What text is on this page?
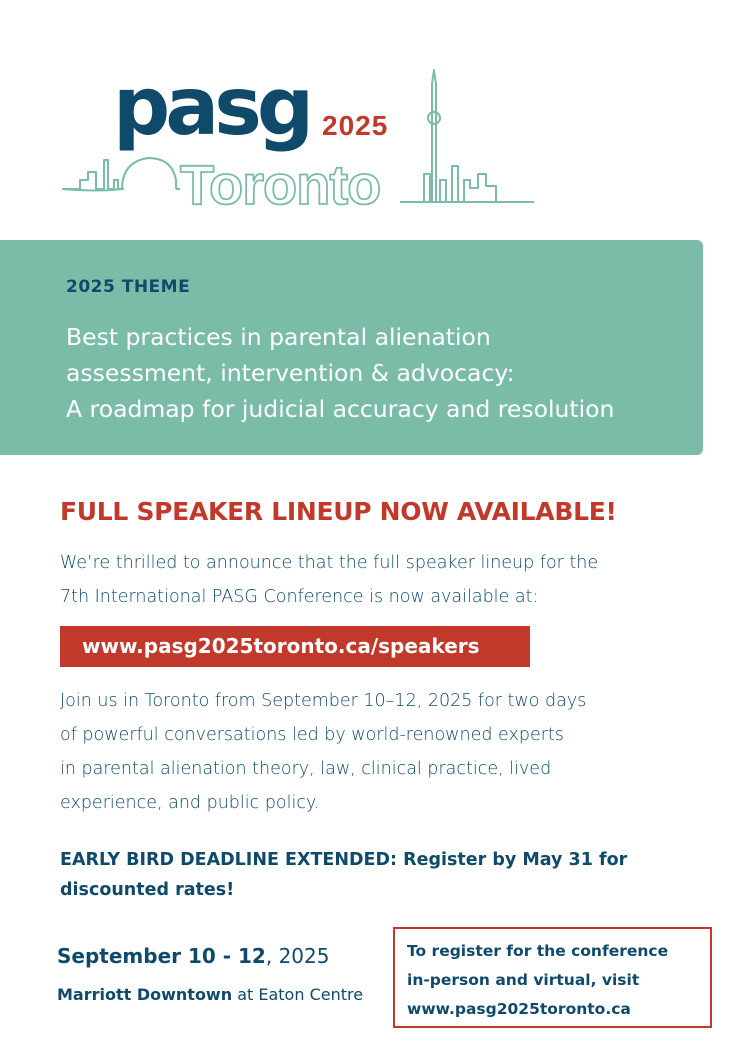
Toronto
pasg 2025
2025 THEME
Best practices in parental alienation
assessment, intervention & advocacy:
A roadmap for judicial accuracy and resolution
FULL SPEAKER LINEUP NOW AVAILABLE!
We’re thrilled to announce that the full speaker lineup for the
7th International PASG Conference is now available at:
www.pasg2025toronto.ca/speakers
Join us in Toronto from September 10–12, 2025 for two days
of powerful conversations led by world-renowned experts
in parental alienation theory, law, clinical practice, lived
experience, and public policy.
EARLY BIRD DEADLINE EXTENDED: Register by May 31 for
discounted rates!
September 10 - 12, 2025
Marriott Downtown at Eaton Centre
To register for the conference
in-person and virtual, visit
www.pasg2025toronto.ca
